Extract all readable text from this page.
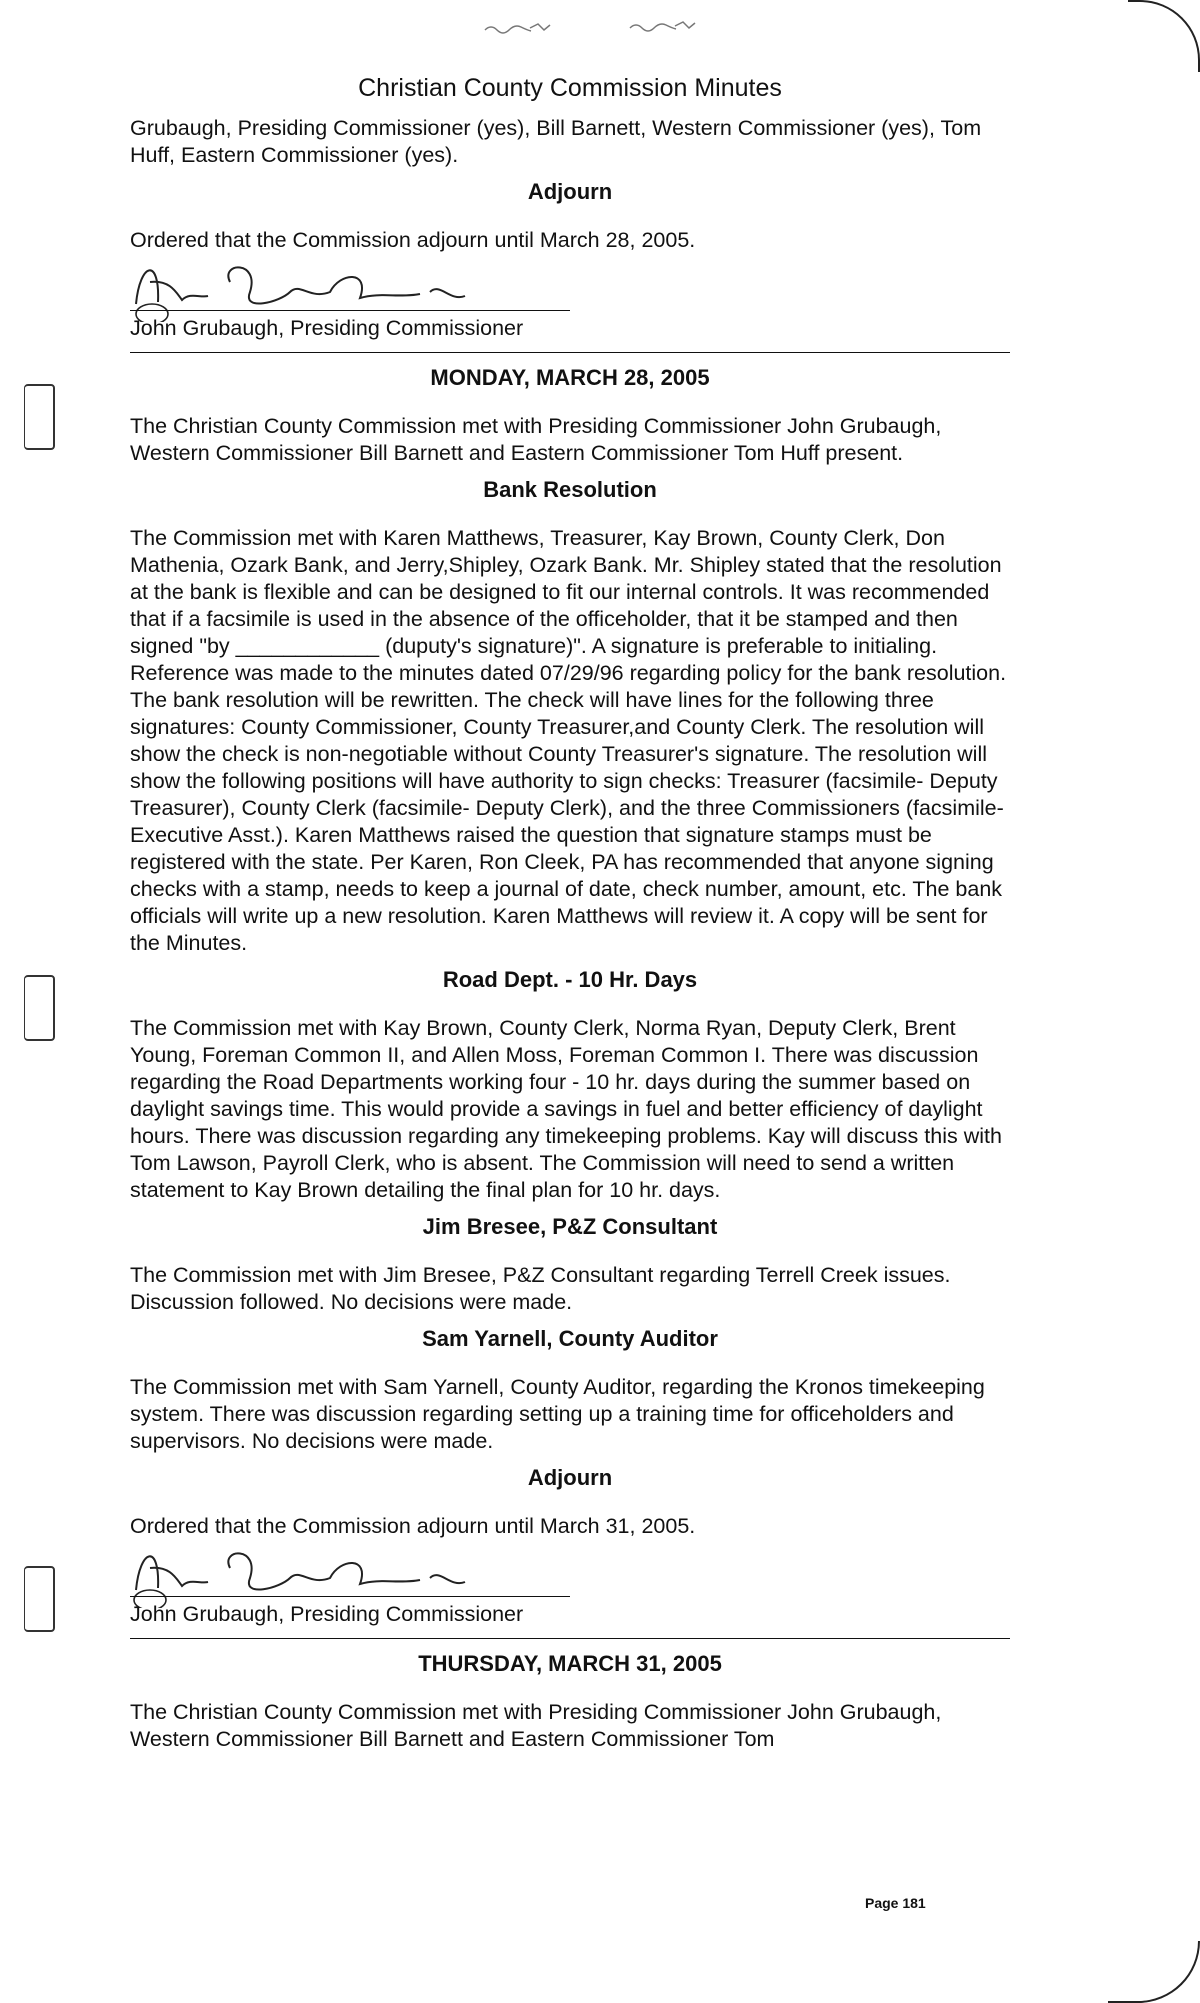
Christian County Commission Minutes

Grubaugh, Presiding Commissioner (yes), Bill Barnett, Western Commissioner (yes), Tom Huff, Eastern Commissioner (yes).

Adjourn

Ordered that the Commission adjourn until March 28, 2005.

John Grubaugh, Presiding Commissioner
MONDAY, MARCH 28, 2005

The Christian County Commission met with Presiding Commissioner John Grubaugh, Western Commissioner Bill Barnett and Eastern Commissioner Tom Huff present.

Bank Resolution

The Commission met with Karen Matthews, Treasurer, Kay Brown, County Clerk, Don Mathenia, Ozark Bank, and Jerry,Shipley, Ozark Bank. Mr. Shipley stated that the resolution at the bank is flexible and can be designed to fit our internal controls. It was recommended that if a facsimile is used in the absence of the officeholder, that it be stamped and then signed "by ____________ (duputy's signature)". A signature is preferable to initialing. Reference was made to the minutes dated 07/29/96 regarding policy for the bank resolution. The bank resolution will be rewritten. The check will have lines for the following three signatures: County Commissioner, County Treasurer,and County Clerk. The resolution will show the check is non-negotiable without County Treasurer's signature. The resolution will show the following positions will have authority to sign checks: Treasurer (facsimile- Deputy Treasurer), County Clerk (facsimile- Deputy Clerk), and the three Commissioners (facsimile- Executive Asst.). Karen Matthews raised the question that signature stamps must be registered with the state. Per Karen, Ron Cleek, PA has recommended that anyone signing checks with a stamp, needs to keep a journal of date, check number, amount, etc. The bank officials will write up a new resolution. Karen Matthews will review it. A copy will be sent for the Minutes.

Road Dept. - 10 Hr. Days

The Commission met with Kay Brown, County Clerk, Norma Ryan, Deputy Clerk, Brent Young, Foreman Common II, and Allen Moss, Foreman Common I. There was discussion regarding the Road Departments working four - 10 hr. days during the summer based on daylight savings time. This would provide a savings in fuel and better efficiency of daylight hours. There was discussion regarding any timekeeping problems. Kay will discuss this with Tom Lawson, Payroll Clerk, who is absent. The Commission will need to send a written statement to Kay Brown detailing the final plan for 10 hr. days.

Jim Bresee, P&Z Consultant

The Commission met with Jim Bresee, P&Z Consultant regarding Terrell Creek issues. Discussion followed. No decisions were made.

Sam Yarnell, County Auditor

The Commission met with Sam Yarnell, County Auditor, regarding the Kronos timekeeping system. There was discussion regarding setting up a training time for officeholders and supervisors. No decisions were made.

Adjourn

Ordered that the Commission adjourn until March 31, 2005.

John Grubaugh, Presiding Commissioner
THURSDAY, MARCH 31, 2005

The Christian County Commission met with Presiding Commissioner John Grubaugh, Western Commissioner Bill Barnett and Eastern Commissioner Tom

Page 181
